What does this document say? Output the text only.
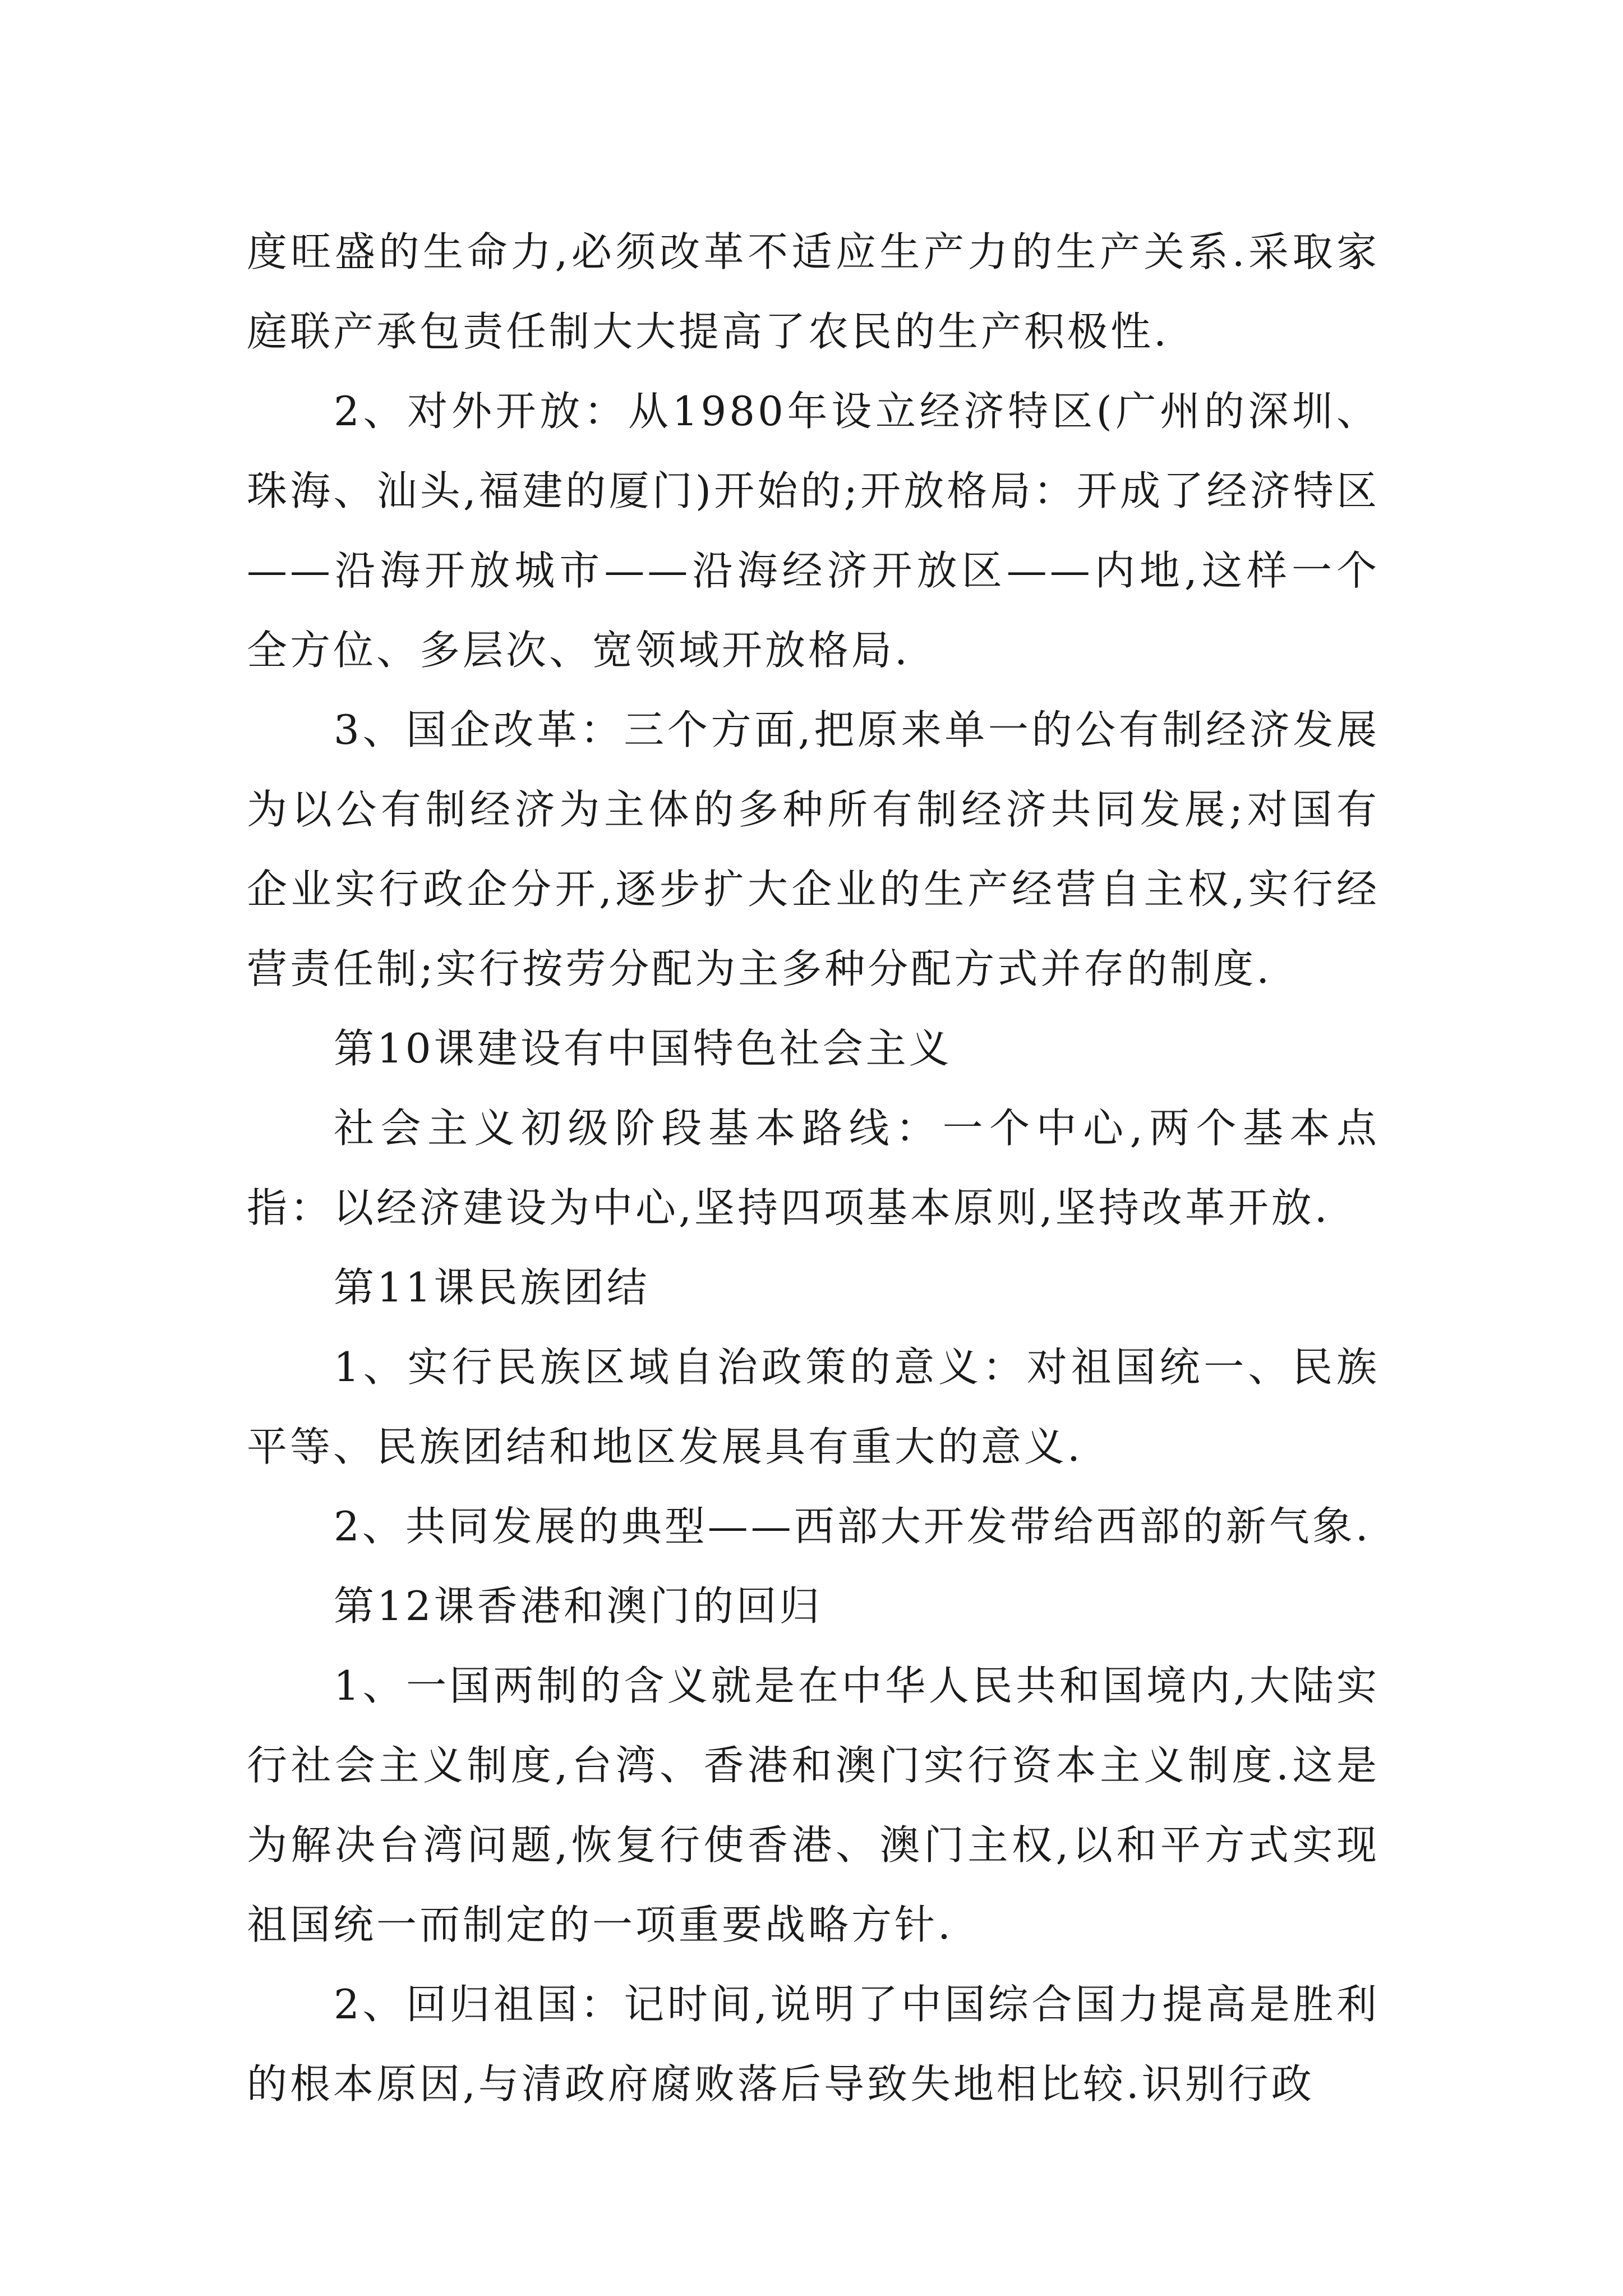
度旺盛的生命力,必须改革不适应生产力的生产关系.采取家庭联产承包责任制大大提高了农民的生产积极性.

2、对外开放：从1980年设立经济特区(广州的深圳、珠海、汕头,福建的厦门)开始的;开放格局：开成了经济特区——沿海开放城市——沿海经济开放区——内地,这样一个全方位、多层次、宽领域开放格局.

3、国企改革：三个方面,把原来单一的公有制经济发展为以公有制经济为主体的多种所有制经济共同发展;对国有企业实行政企分开,逐步扩大企业的生产经营自主权,实行经营责任制;实行按劳分配为主多种分配方式并存的制度.

第10课建设有中国特色社会主义

社会主义初级阶段基本路线：一个中心,两个基本点指：以经济建设为中心,坚持四项基本原则,坚持改革开放.

第11课民族团结

1、实行民族区域自治政策的意义：对祖国统一、民族平等、民族团结和地区发展具有重大的意义.

2、共同发展的典型——西部大开发带给西部的新气象.

第12课香港和澳门的回归

1、一国两制的含义就是在中华人民共和国境内,大陆实行社会主义制度,台湾、香港和澳门实行资本主义制度.这是为解决台湾问题,恢复行使香港、澳门主权,以和平方式实现祖国统一而制定的一项重要战略方针.

2、回归祖国：记时间,说明了中国综合国力提高是胜利的根本原因,与清政府腐败落后导致失地相比较.识别行政
